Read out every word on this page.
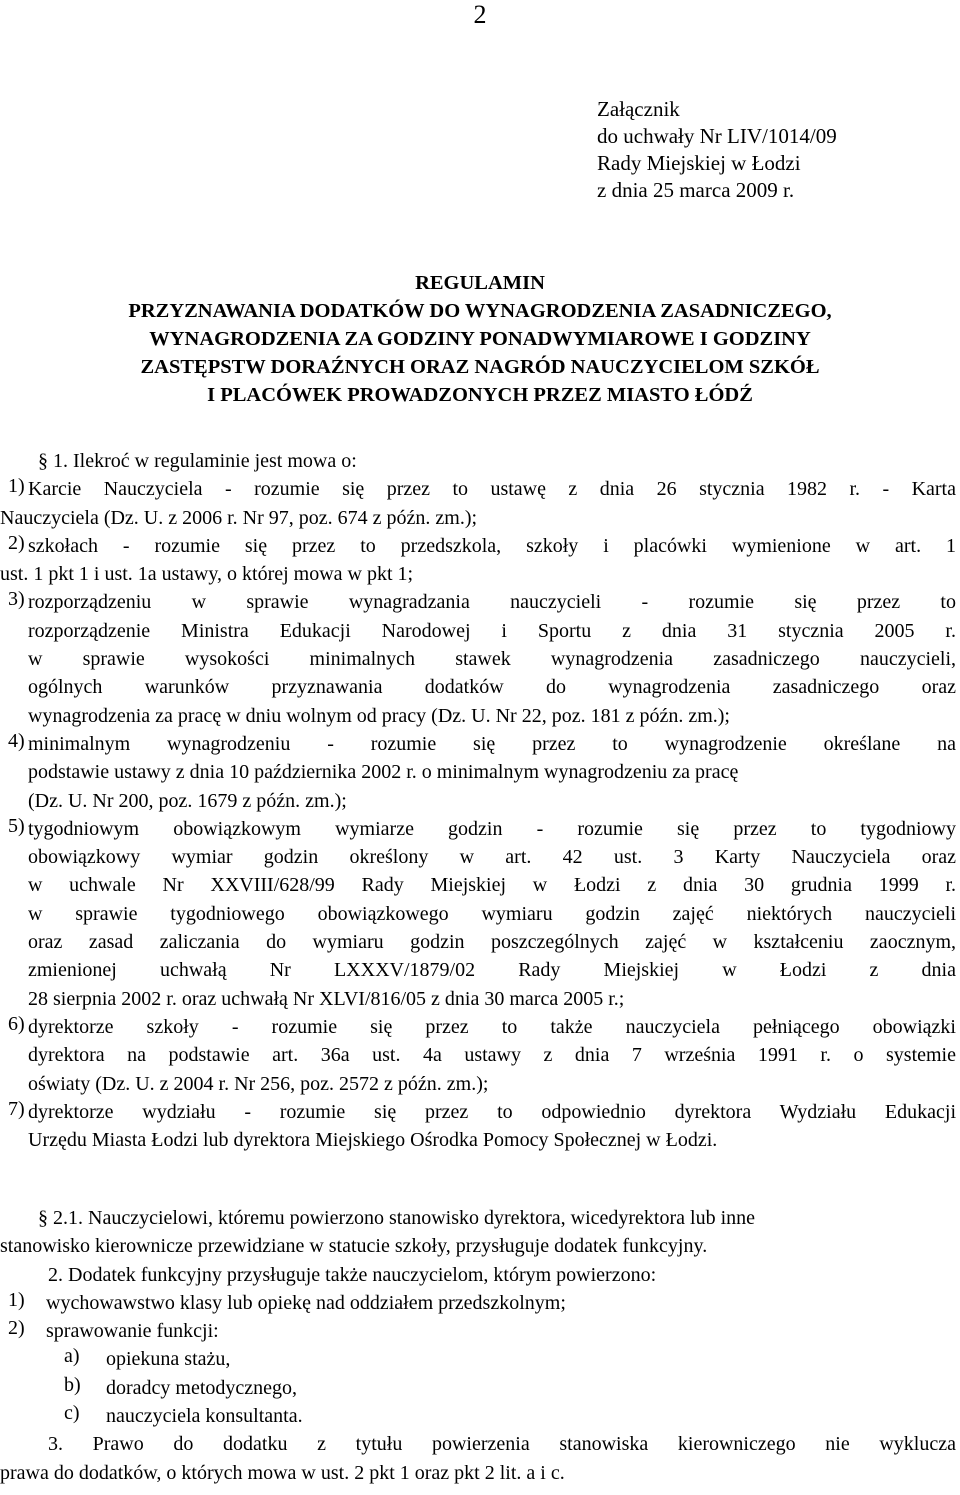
2
Załącznik
do uchwały Nr LIV/1014/09
Rady Miejskiej w Łodzi
z dnia 25 marca 2009 r.
REGULAMIN
PRZYZNAWANIA DODATKÓW DO WYNAGRODZENIA ZASADNICZEGO,
WYNAGRODZENIA ZA GODZINY PONADWYMIAROWE I GODZINY
ZASTĘPSTW DORAŹNYCH ORAZ NAGRÓD NAUCZYCIELOM SZKÓŁ
I PLACÓWEK PROWADZONYCH PRZEZ MIASTO ŁÓDŹ
§ 1. Ilekroć w regulaminie jest mowa o:
1) Karcie Nauczyciela - rozumie się przez to ustawę z dnia 26 stycznia 1982 r. - Karta
Nauczyciela (Dz. U. z 2006 r. Nr 97, poz. 674 z późn. zm.);
2) szkołach - rozumie się przez to przedszkola, szkoły i placówki wymienione w art. 1
ust. 1 pkt 1 i ust. 1a ustawy, o której mowa w pkt 1;
3) rozporządzeniu w sprawie wynagradzania nauczycieli - rozumie się przez to
rozporządzenie Ministra Edukacji Narodowej i Sportu z dnia 31 stycznia 2005 r.
w sprawie wysokości minimalnych stawek wynagrodzenia zasadniczego nauczycieli,
ogólnych warunków przyznawania dodatków do wynagrodzenia zasadniczego oraz
wynagrodzenia za pracę w dniu wolnym od pracy (Dz. U. Nr 22, poz. 181 z późn. zm.);
4) minimalnym wynagrodzeniu - rozumie się przez to wynagrodzenie określane na
podstawie ustawy z dnia 10 października 2002 r. o minimalnym wynagrodzeniu za pracę
(Dz. U. Nr 200, poz. 1679 z późn. zm.);
5) tygodniowym obowiązkowym wymiarze godzin - rozumie się przez to tygodniowy
obowiązkowy wymiar godzin określony w art. 42 ust. 3 Karty Nauczyciela oraz
w uchwale Nr XXVIII/628/99 Rady Miejskiej w Łodzi z dnia 30 grudnia 1999 r.
w sprawie tygodniowego obowiązkowego wymiaru godzin zajęć niektórych nauczycieli
oraz zasad zaliczania do wymiaru godzin poszczególnych zajęć w kształceniu zaocznym,
zmienionej uchwałą Nr LXXXV/1879/02 Rady Miejskiej w Łodzi z dnia
28 sierpnia 2002 r. oraz uchwałą Nr XLVI/816/05 z dnia 30 marca 2005 r.;
6) dyrektorze szkoły - rozumie się przez to także nauczyciela pełniącego obowiązki
dyrektora na podstawie art. 36a ust. 4a ustawy z dnia 7 września 1991 r. o systemie
oświaty (Dz. U. z 2004 r. Nr 256, poz. 2572 z późn. zm.);
7) dyrektorze wydziału - rozumie się przez to odpowiednio dyrektora Wydziału Edukacji
Urzędu Miasta Łodzi lub dyrektora Miejskiego Ośrodka Pomocy Społecznej w Łodzi.
§ 2.1. Nauczycielowi, któremu powierzono stanowisko dyrektora, wicedyrektora lub inne
stanowisko kierownicze przewidziane w statucie szkoły, przysługuje dodatek funkcyjny.
2. Dodatek funkcyjny przysługuje także nauczycielom, którym powierzono:
1)	wychowawstwo klasy lub opiekę nad oddziałem przedszkolnym;
2)	sprawowanie funkcji:
a)	opiekuna stażu,
b)	doradcy metodycznego,
c)	nauczyciela konsultanta.
3. Prawo do dodatku z tytułu powierzenia stanowiska kierowniczego nie wyklucza
prawa do dodatków, o których mowa w ust. 2 pkt 1 oraz pkt 2 lit. a i c.
